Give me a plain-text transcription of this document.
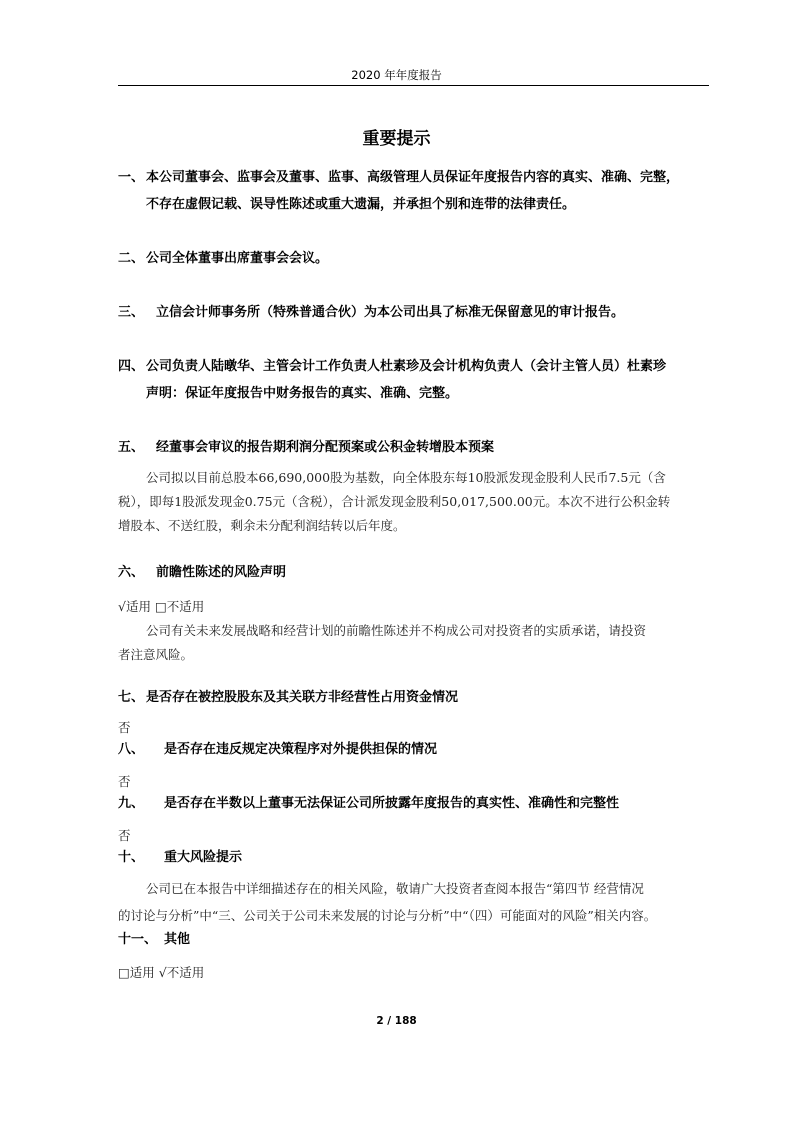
2020 年年度报告
重要提示
一、 本公司董事会、监事会及董事、监事、高级管理人员保证年度报告内容的真实、准确、完整，
不存在虚假记载、误导性陈述或重大遗漏，并承担个别和连带的法律责任。
二、 公司全体董事出席董事会会议。
三、 立信会计师事务所（特殊普通合伙）为本公司出具了标准无保留意见的审计报告。
四、 公司负责人陆暾华、主管会计工作负责人杜素珍及会计机构负责人（会计主管人员）杜素珍
声明：保证年度报告中财务报告的真实、准确、完整。
五、 经董事会审议的报告期利润分配预案或公积金转增股本预案
公司拟以目前总股本66,690,000股为基数，向全体股东每10股派发现金股利人民币7.5元（含
税），即每1股派发现金0.75元（含税），合计派发现金股利50,017,500.00元。本次不进行公积金转
增股本、不送红股，剩余未分配利润结转以后年度。
六、 前瞻性陈述的风险声明
√适用 □不适用
公司有关未来发展战略和经营计划的前瞻性陈述并不构成公司对投资者的实质承诺，请投资
者注意风险。
七、 是否存在被控股股东及其关联方非经营性占用资金情况
否
八、 是否存在违反规定决策程序对外提供担保的情况
否
九、 是否存在半数以上董事无法保证公司所披露年度报告的真实性、准确性和完整性
否
十、 重大风险提示
公司已在本报告中详细描述存在的相关风险，敬请广大投资者查阅本报告“第四节 经营情况
的讨论与分析”中“三、公司关于公司未来发展的讨论与分析”中“（四）可能面对的风险”相关内容。
十一、 其他
□适用 √不适用
2 / 188
